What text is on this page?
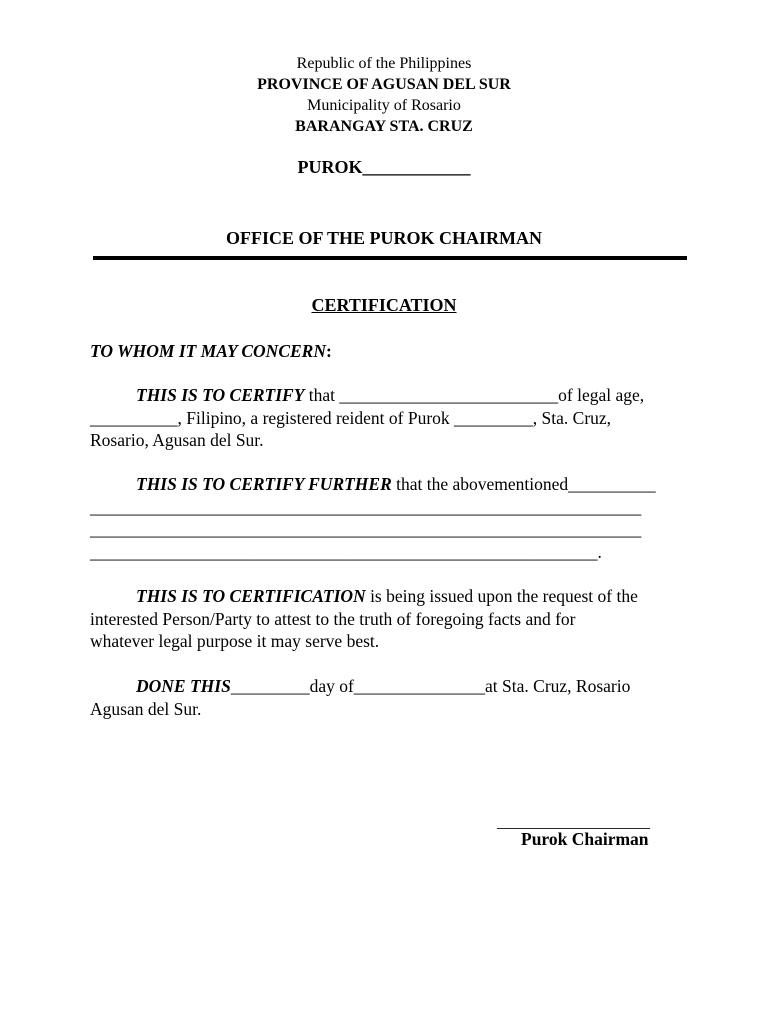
Republic of the Philippines
PROVINCE OF AGUSAN DEL SUR
Municipality of Rosario
BARANGAY STA. CRUZ
PUROK____________
OFFICE OF THE PUROK CHAIRMAN
CERTIFICATION
TO WHOM IT MAY CONCERN:
THIS IS TO CERTIFY that _________________________of legal age,
__________, Filipino, a registered reident of Purok _________, Sta. Cruz,
Rosario, Agusan del Sur.
THIS IS TO CERTIFY FURTHER that the abovementioned__________
_______________________________________________________________
_______________________________________________________________
__________________________________________________________.
THIS IS TO CERTIFICATION is being issued upon the request of the
interested Person/Party to attest to the truth of foregoing facts and for
whatever legal purpose it may serve best.
DONE THIS_________day of_______________at Sta. Cruz, Rosario
Agusan del Sur.
__________________
Purok Chairman
